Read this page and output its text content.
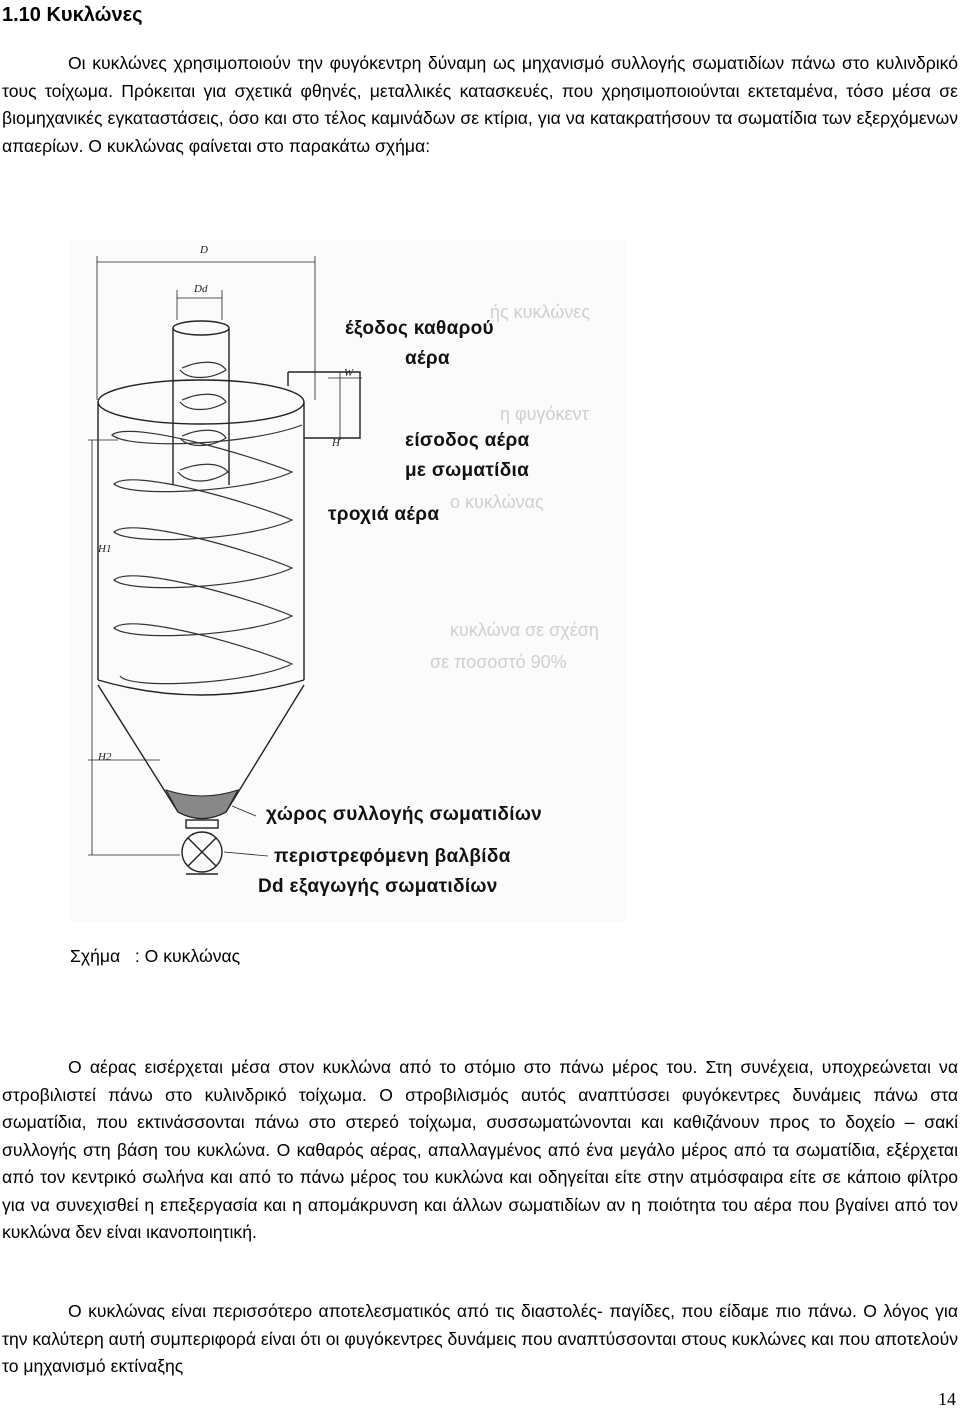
1.10 Κυκλώνες

Οι κυκλώνες χρησιμοποιούν την φυγόκεντρη δύναμη ως μηχανισμό συλλογής σωματιδίων πάνω στο κυλινδρικό τους τοίχωμα. Πρόκειται για σχετικά φθηνές, μεταλλικές κατασκευές, που χρησιμοποιούνται εκτεταμένα, τόσο μέσα σε βιομηχανικές εγκαταστάσεις, όσο και στο τέλος καμινάδων σε κτίρια, για να κατακρατήσουν τα σωματίδια των εξερχόμενων απαερίων. Ο κυκλώνας φαίνεται στο παρακάτω σχήμα:

ής κυκλώνες
η φυγόκεντ
ο κυκλώνας
κυκλώνα σε σχέση
σε ποσοστό 90%
D
Dd
W
H
H1
H2
έξοδος καθαρού
αέρα
είσοδος αέρα
με σωματίδια
τροχιά αέρα
χώρος συλλογής σωματιδίων
περιστρεφόμενη βαλβίδα
Dd εξαγωγής σωματιδίων

Σχήμα   : Ο κυκλώνας

Ο αέρας εισέρχεται μέσα στον κυκλώνα από το στόμιο στο πάνω μέρος του. Στη συνέχεια, υποχρεώνεται να στροβιλιστεί πάνω στο κυλινδρικό τοίχωμα. Ο στροβιλισμός αυτός αναπτύσσει φυγόκεντρες δυνάμεις πάνω στα σωματίδια, που εκτινάσσονται πάνω στο στερεό τοίχωμα, συσσωματώνονται και καθιζάνουν προς το δοχείο – σακί συλλογής στη βάση του κυκλώνα. Ο καθαρός αέρας, απαλλαγμένος από ένα μεγάλο μέρος από τα σωματίδια, εξέρχεται από τον κεντρικό σωλήνα και από το πάνω μέρος του κυκλώνα και οδηγείται είτε στην ατμόσφαιρα είτε σε κάποιο φίλτρο για να συνεχισθεί η επεξεργασία και η απομάκρυνση και άλλων σωματιδίων αν η ποιότητα του αέρα που βγαίνει από τον κυκλώνα δεν είναι ικανοποιητική.

Ο κυκλώνας είναι περισσότερο αποτελεσματικός από τις διαστολές- παγίδες, που είδαμε πιο πάνω. Ο λόγος για την καλύτερη αυτή συμπεριφορά είναι ότι οι φυγόκεντρες δυνάμεις που αναπτύσσονται στους κυκλώνες και που αποτελούν το μηχανισμό εκτίναξης

14
